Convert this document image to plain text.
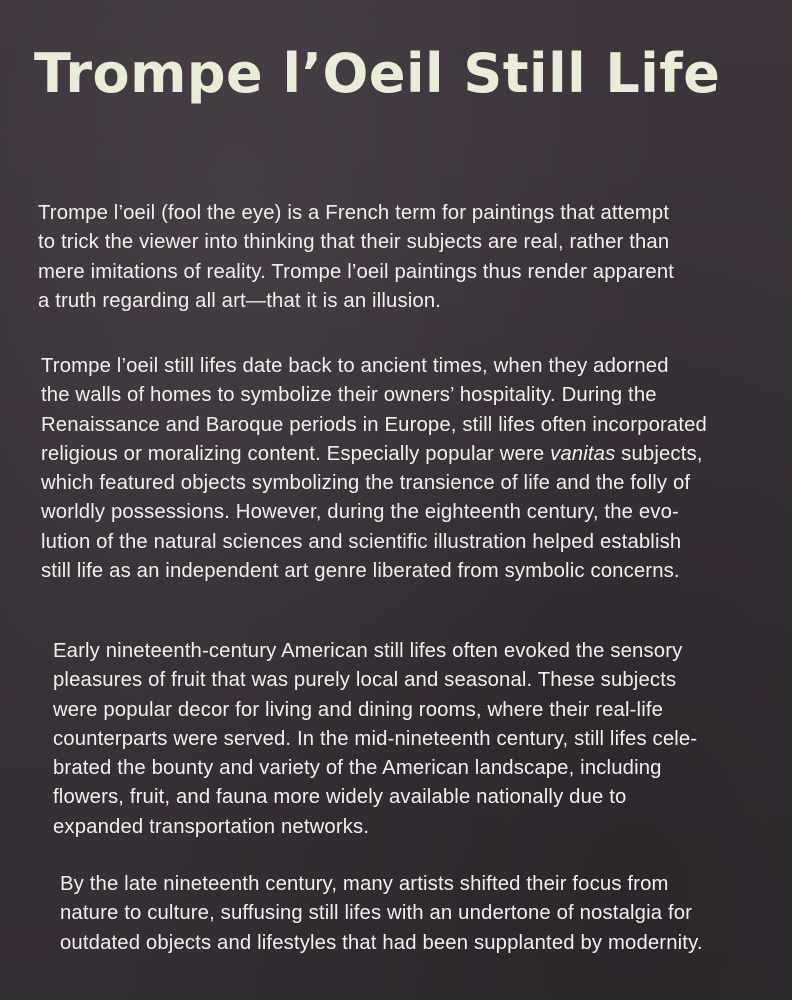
Trompe l’Oeil Still Life

Trompe l’oeil (fool the eye) is a French term for paintings that attempt
to trick the viewer into thinking that their subjects are real, rather than
mere imitations of reality. Trompe l’oeil paintings thus render apparent
a truth regarding all art—that it is an illusion.

Trompe l’oeil still lifes date back to ancient times, when they adorned
the walls of homes to symbolize their owners’ hospitality. During the
Renaissance and Baroque periods in Europe, still lifes often incorporated
religious or moralizing content. Especially popular were vanitas subjects,
which featured objects symbolizing the transience of life and the folly of
worldly possessions. However, during the eighteenth century, the evo-
lution of the natural sciences and scientific illustration helped establish
still life as an independent art genre liberated from symbolic concerns.

Early nineteenth-century American still lifes often evoked the sensory
pleasures of fruit that was purely local and seasonal. These subjects
were popular decor for living and dining rooms, where their real-life
counterparts were served. In the mid-nineteenth century, still lifes cele-
brated the bounty and variety of the American landscape, including
flowers, fruit, and fauna more widely available nationally due to
expanded transportation networks.

By the late nineteenth century, many artists shifted their focus from
nature to culture, suffusing still lifes with an undertone of nostalgia for
outdated objects and lifestyles that had been supplanted by modernity.
